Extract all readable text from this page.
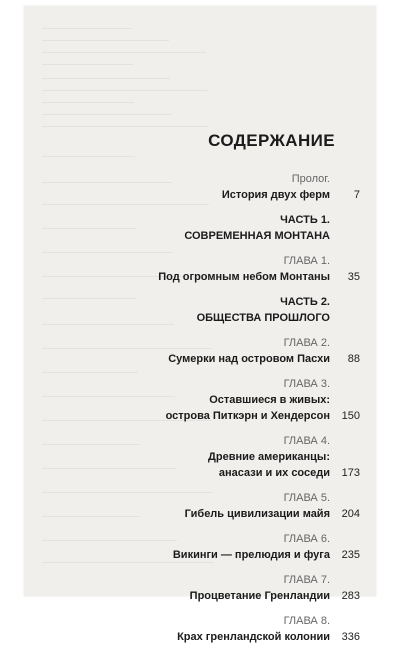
СОДЕРЖАНИЕ
Пролог.
История двух ферм 7
ЧАСТЬ 1.
СОВРЕМЕННАЯ МОНТАНА
ГЛАВА 1.
Под огромным небом Монтаны 35
ЧАСТЬ 2.
ОБЩЕСТВА ПРОШЛОГО
ГЛАВА 2.
Сумерки над островом Пасхи 88
ГЛАВА 3.
Оставшиеся в живых:
острова Питкэрн и Хендерсон 150
ГЛАВА 4.
Древние американцы:
анасази и их соседи 173
ГЛАВА 5.
Гибель цивилизации майя 204
ГЛАВА 6.
Викинги — прелюдия и фуга 235
ГЛАВА 7.
Процветание Гренландии 283
ГЛАВА 8.
Крах гренландской колонии 336
